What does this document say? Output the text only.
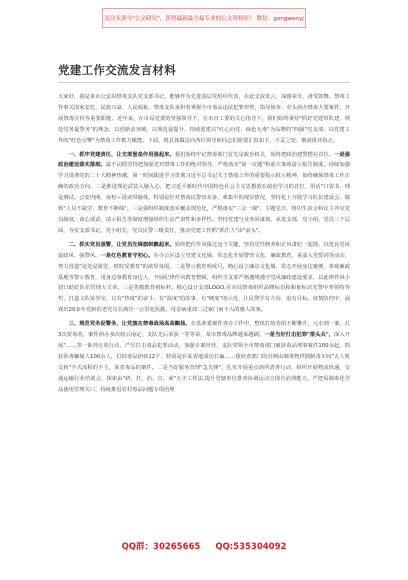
关注头条号"公文研究"，获得最新最全最专业的公文资料库！ 微信：gongwenyj
党建工作交流发言材料

大家好，我是某市公安局禁毒支队党支部书记，能够作为先进基层党组织代表，在此交流发言，深感荣幸，备受鼓舞。禁毒工作事关国家安危、民族兴衰、人民福祉。禁毒支队承担着掌握全市毒品违法犯罪形势，指导侦查、牵头侦办禁毒大要案件，开展禁毒宣传等重要职能。近年来，在市局党委的坚强领导下，在市直工委的关心指导下，我们始终秉持"抓好党建带队建、规范党务促警务"的理念，以创新求突破，以规范促提升，持续创建以"红心向党、绿色无毒"为品牌的"四强"党支部，以党建工作的"红色引擎"为禁毒工作蓄力赋能。下面，将具体做法向各位领导和同志们简要汇报如下，不妥之处，敬请批评指正。

一、抓牢党建责任，让支部堡垒作用强起来。我们始终牢记禁毒部门首先是政治机关，始终把政治建警摆在首位。一是强政治建设落实落细。最不动摇坚持把加强党对禁毒工作的绝对领导，严格落实"第一议题"和重大事项请示报告制度，持续加强学习贯彻党的二十大精神热潮，第一时间跟进学习贯彻习近平总书记关于禁毒工作的重要指示批示精神，始终确保禁毒工作正确的政治方向。二是推进理论武装入脑入心，把习近平新时代中国特色社会主义思想放在政治学习的首位，用活"口袋书、理论测试、公安内网、夜校＋晨读带载体，特别是针对禁毒民警出差多、难集中的现实情况，坚持化上分散学习队伍建设会、做到"人员不缺学、教育不断线"。三是强组织制度落实覆盖规范化，严格落实"三会一课"、主题党日、组织生活会和民主评议党员制度，谈心谈话，请示报告等制度增强组织生活严肃性和多样性。坚持党建与业务同谋划，从发支部，党小组，党员三个层面，夯实支部书记，党小组长，党员民警三级责任，推动党建工作抓"抓住人"由"前头"。

二、抓实党员强警，让党员先锋旗帜飘起来。始终把住作风保过这个关键，坚持党性修养和正风肃纪一起抓，以优良党风促政风、强警风，一是红色教育守初心。在办公区设立党建文化墙，常态化开展警营文化，廉政教育，重温入党誓词等活动，努力营造"处处是课堂，时时受教育"的浓厚氛围。二是警示教育明戒尺。精心设立廉洁文化墙，常态开展身边案例，参观廉政基地等警示教育，用身边事教育身边人，开展纪律作风教育整顿，组织全支部严格遵规遵守党风廉政建设要求，以此律作风小切口助好队伍管理大文章。三是英模教育树标杆。精心设计支部LOGO,在市局禁毒组织品牌标语和和象标识先警中率领特等奖，打造文队荣誉室，以有"热度"的奋斗、有"温度"的故事、有"硬度"的示范，让民警学有方向、追有目标。疫情防控中，涌现出20多年党龄的老党员在满宣一公里处执勤，母亲病重却三过家门而不入的感人故事。

三、规范党务促警务，让党旗在禁毒战场高高飘扬。在基准委案件查办工作中，整体打防党组不断攀升，元水到一案、打3次贸毒者，案件侦办多次较云南定，支队先后荣获一等等荣，某市禁毒品牌越来越刷。一是当好打击犯罪"排头兵"，深入开展"……等一系列专项行动，严厉打击毒品犯罪活动，加强专案经营，支队带领全市禁毒部门破获毒品刑事案件100余起，抓获涉毒嫌疑人100余人，打掉毒品团伙12个，特别是在某省地成功打赢……我侦查部门的首例由制毒物供到制毒车间"五人机交转"全式流程的不主，某省毒品的案件。二是当好服务管理"急先锋"，扎实开展重点场所清查行动，组织开展物流快递、交通运输行业培训会，探索由"研、打、治、宣、戒"五字工作法,提升管辖单位排查协调运动宣现有治理能力。严把易制毒化学品使用管理关口，持续推进农村毒品问题专项治理

QQ群：30265665 QQ:535304092
